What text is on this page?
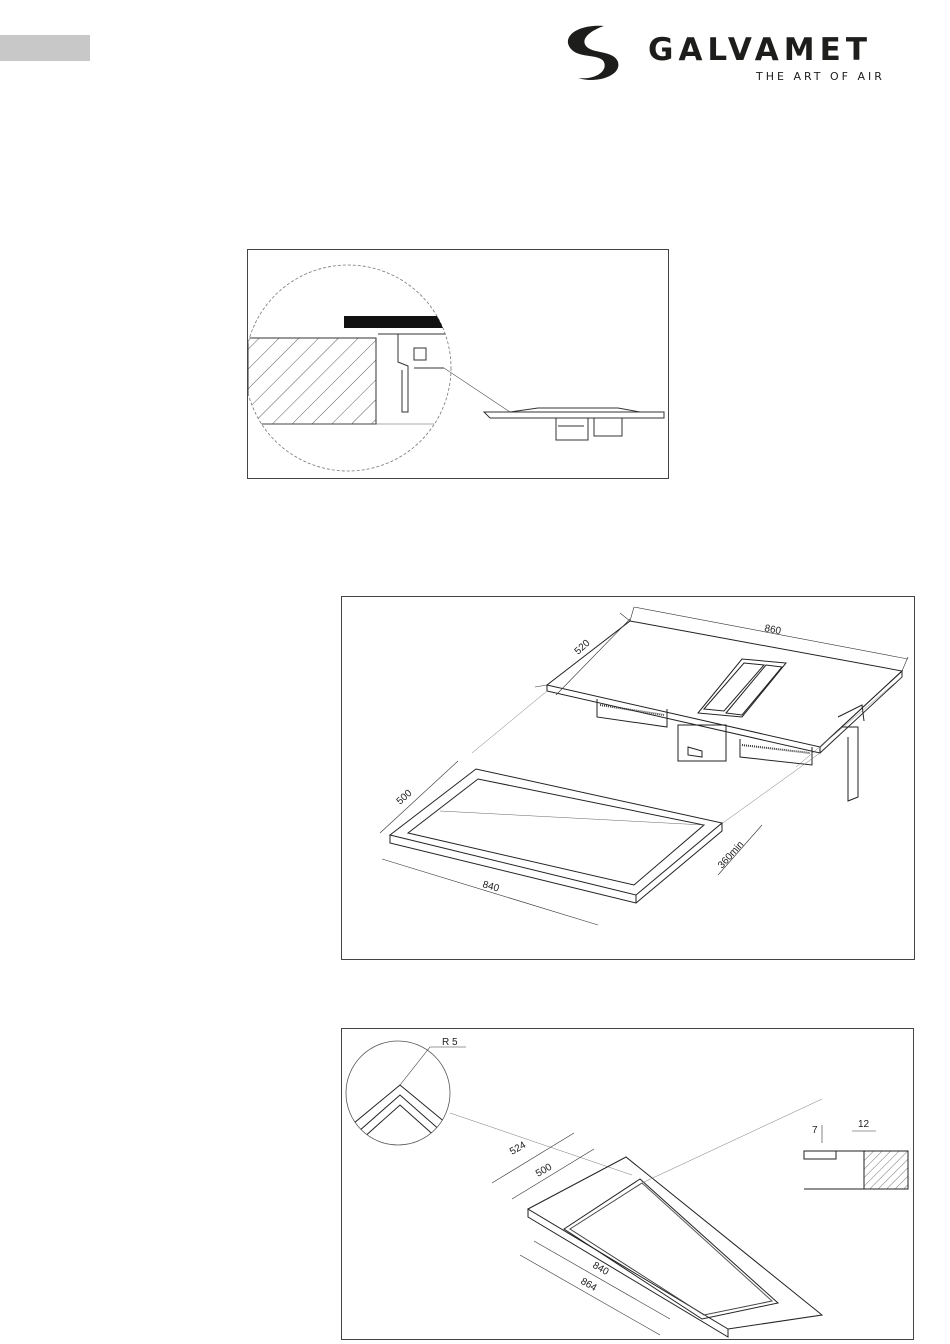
GALVAMET
THE ART OF AIR
860
520
500
840
360min
R 5
7
12
524
500
840
864
